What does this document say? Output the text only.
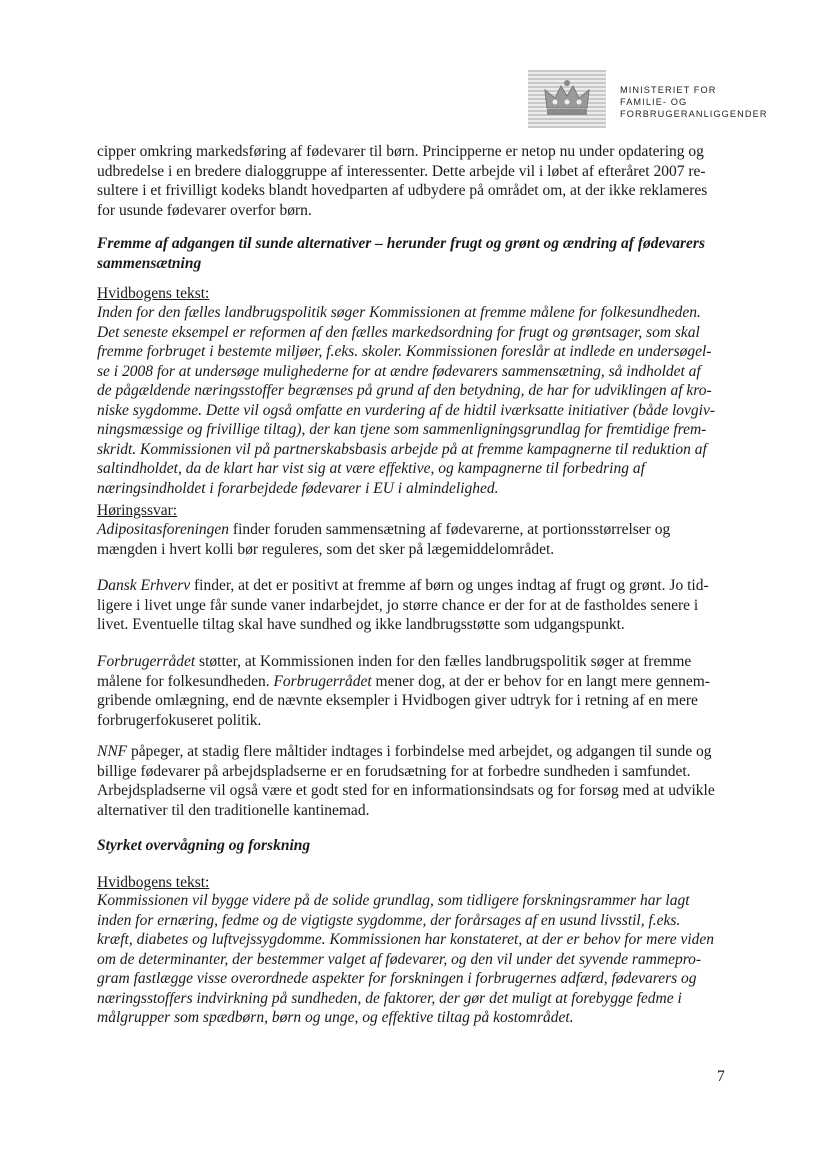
MINISTERIET FOR
FAMILIE- OG
FORBRUGERANLIGGENDER
cipper omkring markedsføring af fødevarer til børn. Principperne er netop nu under opdatering og
udbredelse i en bredere dialoggruppe af interessenter. Dette arbejde vil i løbet af efteråret 2007 re-
sultere i et frivilligt kodeks blandt hovedparten af udbydere på området om, at der ikke reklameres
for usunde fødevarer overfor børn.
Fremme af adgangen til sunde alternativer – herunder frugt og grønt og ændring af fødevarers
sammensætning
Hvidbogens tekst:
Inden for den fælles landbrugspolitik søger Kommissionen at fremme målene for folkesundheden.
Det seneste eksempel er reformen af den fælles markedsordning for frugt og grøntsager, som skal
fremme forbruget i bestemte miljøer, f.eks. skoler. Kommissionen foreslår at indlede en undersøgel-
se i 2008 for at undersøge mulighederne for at ændre fødevarers sammensætning, så indholdet af
de pågældende næringsstoffer begrænses på grund af den betydning, de har for udviklingen af kro-
niske sygdomme. Dette vil også omfatte en vurdering af de hidtil iværksatte initiativer (både lovgiv-
ningsmæssige og frivillige tiltag), der kan tjene som sammenligningsgrundlag for fremtidige frem-
skridt. Kommissionen vil på partnerskabsbasis arbejde på at fremme kampagnerne til reduktion af
saltindholdet, da de klart har vist sig at være effektive, og kampagnerne til forbedring af
næringsindholdet i forarbejdede fødevarer i EU i almindelighed.
Høringssvar:
Adipositasforeningen finder foruden sammensætning af fødevarerne, at portionsstørrelser og
mængden i hvert kolli bør reguleres, som det sker på lægemiddelområdet.
Dansk Erhverv finder, at det er positivt at fremme af børn og unges indtag af frugt og grønt. Jo tid-
ligere i livet unge får sunde vaner indarbejdet, jo større chance er der for at de fastholdes senere i
livet. Eventuelle tiltag skal have sundhed og ikke landbrugsstøtte som udgangspunkt.
Forbrugerrådet støtter, at Kommissionen inden for den fælles landbrugspolitik søger at fremme
målene for folkesundheden. Forbrugerrådet mener dog, at der er behov for en langt mere gennem-
gribende omlægning, end de nævnte eksempler i Hvidbogen giver udtryk for i retning af en mere
forbrugerfokuseret politik.
NNF påpeger, at stadig flere måltider indtages i forbindelse med arbejdet, og adgangen til sunde og
billige fødevarer på arbejdspladserne er en forudsætning for at forbedre sundheden i samfundet.
Arbejdspladserne vil også være et godt sted for en informationsindsats og for forsøg med at udvikle
alternativer til den traditionelle kantinemad.
Styrket overvågning og forskning
Hvidbogens tekst:
Kommissionen vil bygge videre på de solide grundlag, som tidligere forskningsrammer har lagt
inden for ernæring, fedme og de vigtigste sygdomme, der forårsages af en usund livsstil, f.eks.
kræft, diabetes og luftvejssygdomme. Kommissionen har konstateret, at der er behov for mere viden
om de determinanter, der bestemmer valget af fødevarer, og den vil under det syvende rammepro-
gram fastlægge visse overordnede aspekter for forskningen i forbrugernes adfærd, fødevarers og
næringsstoffers indvirkning på sundheden, de faktorer, der gør det muligt at forebygge fedme i
målgrupper som spædbørn, børn og unge, og effektive tiltag på kostområdet.
7
